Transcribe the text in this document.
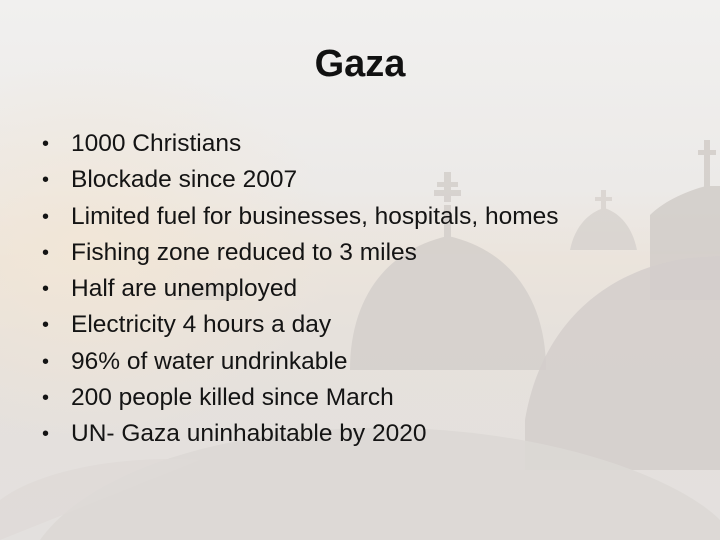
Gaza
• 1000 Christians
• Blockade since 2007
• Limited fuel for businesses, hospitals, homes
• Fishing zone reduced to 3 miles
• Half are unemployed
• Electricity 4 hours a day
• 96% of water undrinkable
• 200 people killed since March
• UN- Gaza uninhabitable by 2020
